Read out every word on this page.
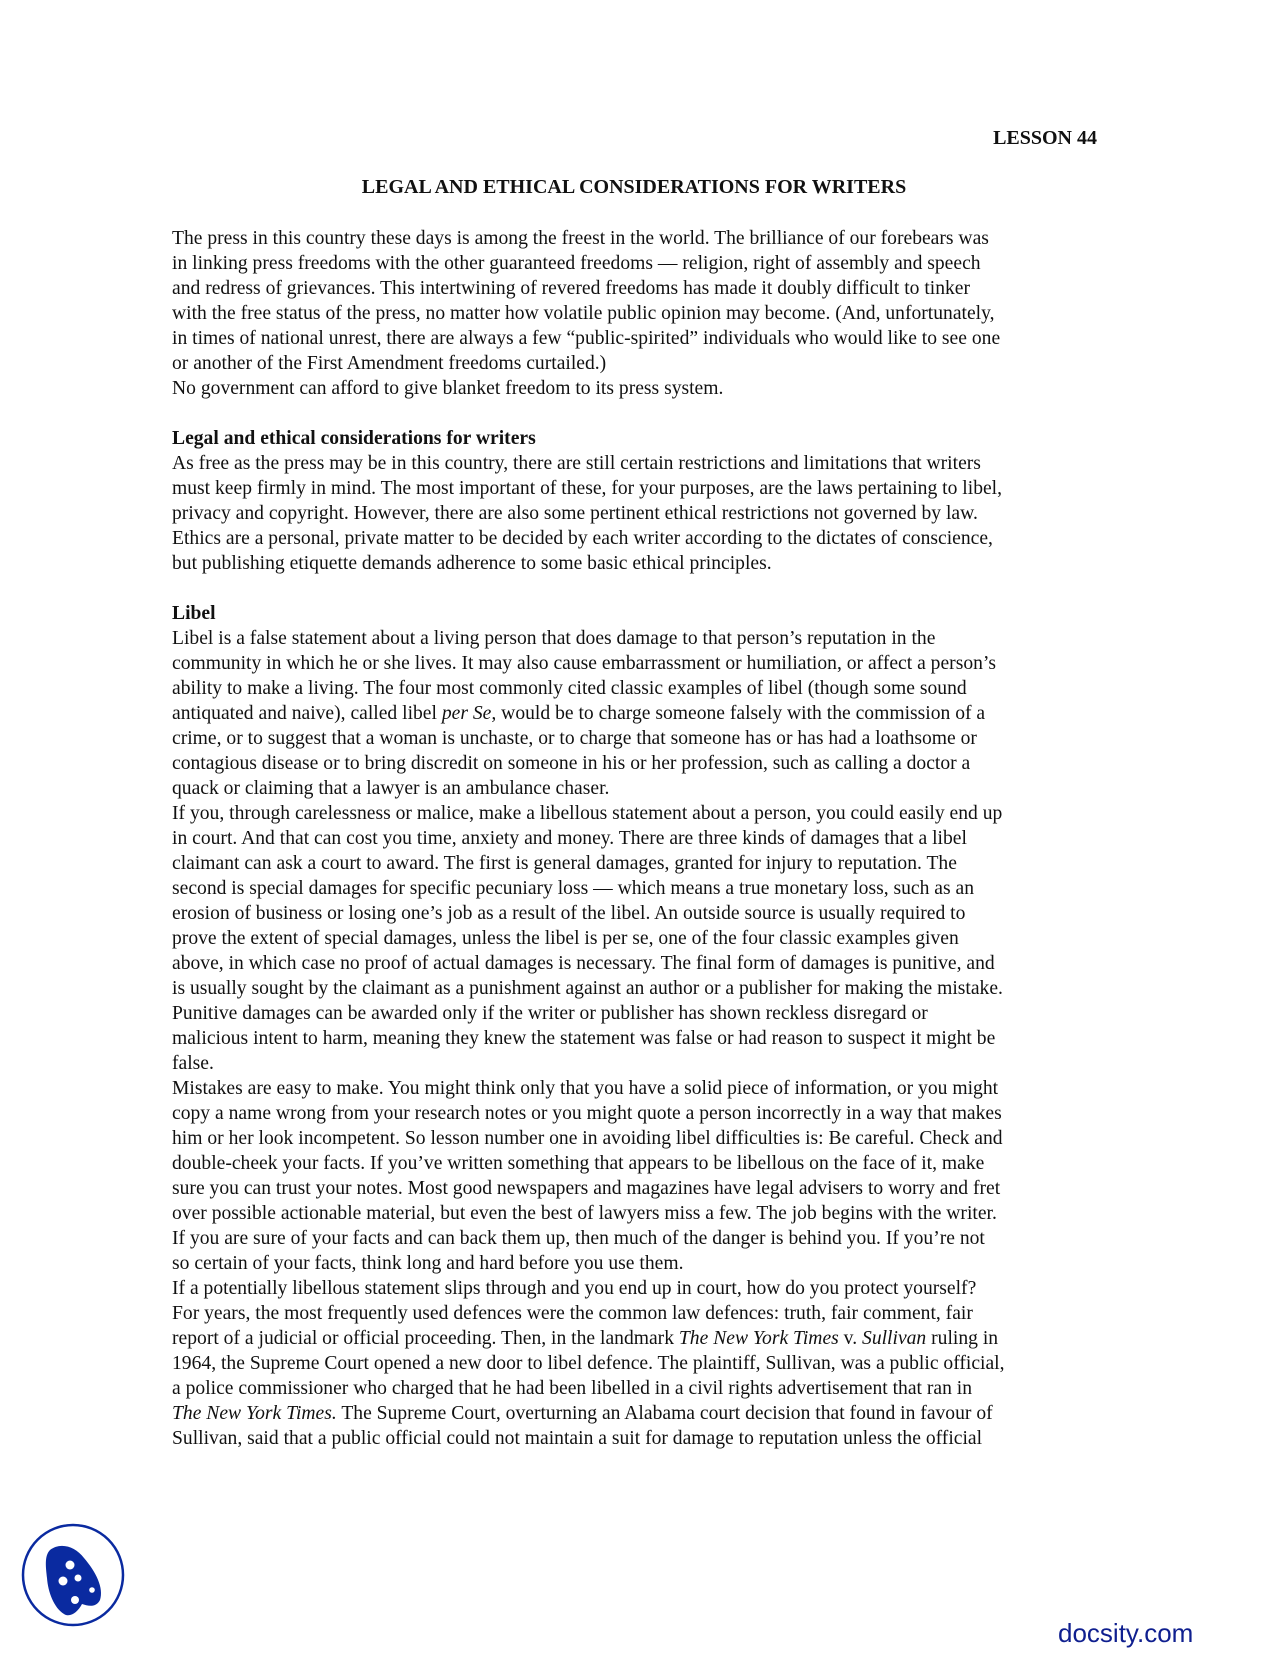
LESSON 44
LEGAL AND ETHICAL CONSIDERATIONS FOR WRITERS
The press in this country these days is among the freest in the world. The brilliance of our forebears was
in linking press freedoms with the other guaranteed freedoms — religion, right of assembly and speech
and redress of grievances. This intertwining of revered freedoms has made it doubly difficult to tinker
with the free status of the press, no matter how volatile public opinion may become. (And, unfortunately,
in times of national unrest, there are always a few “public-spirited” individuals who would like to see one
or another of the First Amendment freedoms curtailed.)
No government can afford to give blanket freedom to its press system.
Legal and ethical considerations for writers
As free as the press may be in this country, there are still certain restrictions and limitations that writers
must keep firmly in mind. The most important of these, for your purposes, are the laws pertaining to libel,
privacy and copyright. However, there are also some pertinent ethical restrictions not governed by law.
Ethics are a personal, private matter to be decided by each writer according to the dictates of conscience,
but publishing etiquette demands adherence to some basic ethical principles.
Libel
Libel is a false statement about a living person that does damage to that person’s reputation in the
community in which he or she lives. It may also cause embarrassment or humiliation, or affect a person’s
ability to make a living. The four most commonly cited classic examples of libel (though some sound
antiquated and naive), called libel per Se, would be to charge someone falsely with the commission of a
crime, or to suggest that a woman is unchaste, or to charge that someone has or has had a loathsome or
contagious disease or to bring discredit on someone in his or her profession, such as calling a doctor a
quack or claiming that a lawyer is an ambulance chaser.
If you, through carelessness or malice, make a libellous statement about a person, you could easily end up
in court. And that can cost you time, anxiety and money. There are three kinds of damages that a libel
claimant can ask a court to award. The first is general damages, granted for injury to reputation. The
second is special damages for specific pecuniary loss — which means a true monetary loss, such as an
erosion of business or losing one’s job as a result of the libel. An outside source is usually required to
prove the extent of special damages, unless the libel is per se, one of the four classic examples given
above, in which case no proof of actual damages is necessary. The final form of damages is punitive, and
is usually sought by the claimant as a punishment against an author or a publisher for making the mistake.
Punitive damages can be awarded only if the writer or publisher has shown reckless disregard or
malicious intent to harm, meaning they knew the statement was false or had reason to suspect it might be
false.
Mistakes are easy to make. You might think only that you have a solid piece of information, or you might
copy a name wrong from your research notes or you might quote a person incorrectly in a way that makes
him or her look incompetent. So lesson number one in avoiding libel difficulties is: Be careful. Check and
double-cheek your facts. If you’ve written something that appears to be libellous on the face of it, make
sure you can trust your notes. Most good newspapers and magazines have legal advisers to worry and fret
over possible actionable material, but even the best of lawyers miss a few. The job begins with the writer.
If you are sure of your facts and can back them up, then much of the danger is behind you. If you’re not
so certain of your facts, think long and hard before you use them.
If a potentially libellous statement slips through and you end up in court, how do you protect yourself?
For years, the most frequently used defences were the common law defences: truth, fair comment, fair
report of a judicial or official proceeding. Then, in the landmark The New York Times v. Sullivan ruling in
1964, the Supreme Court opened a new door to libel defence. The plaintiff, Sullivan, was a public official,
a police commissioner who charged that he had been libelled in a civil rights advertisement that ran in
The New York Times. The Supreme Court, overturning an Alabama court decision that found in favour of
Sullivan, said that a public official could not maintain a suit for damage to reputation unless the official
docsity.com
